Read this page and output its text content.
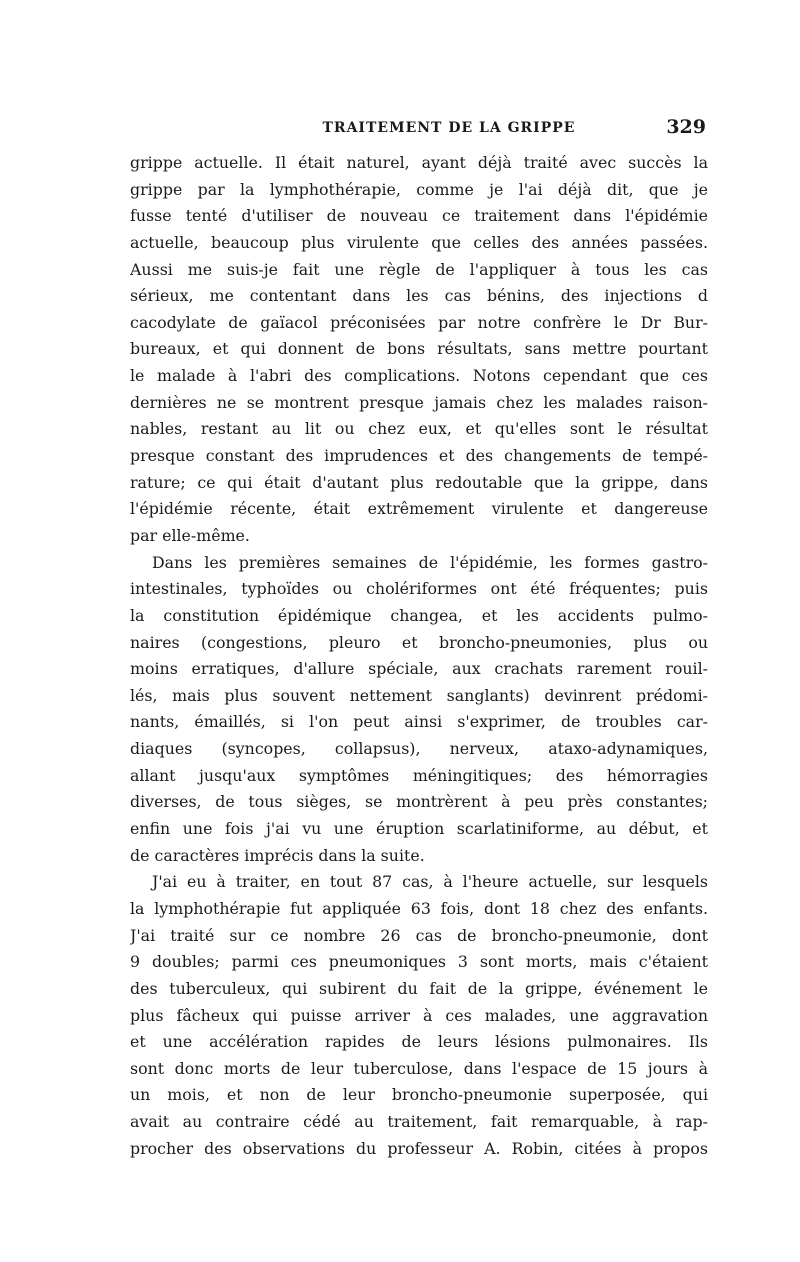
TRAITEMENT DE LA GRIPPE	329
grippe actuelle. Il était naturel, ayant déjà traité avec succès la
grippe par la lymphothérapie, comme je l'ai déjà dit, que je
fusse tenté d'utiliser de nouveau ce traitement dans l'épidémie
actuelle, beaucoup plus virulente que celles des années passées.
Aussi me suis-je fait une règle de l'appliquer à tous les cas
sérieux, me contentant dans les cas bénins, des injections d
cacodylate de gaïacol préconisées par notre confrère le Dr Bur-
bureaux, et qui donnent de bons résultats, sans mettre pourtant
le malade à l'abri des complications. Notons cependant que ces
dernières ne se montrent presque jamais chez les malades raison-
nables, restant au lit ou chez eux, et qu'elles sont le résultat
presque constant des imprudences et des changements de tempé-
rature; ce qui était d'autant plus redoutable que la grippe, dans
l'épidémie récente, était extrêmement virulente et dangereuse
par elle-même.
Dans les premières semaines de l'épidémie, les formes gastro-
intestinales, typhoïdes ou cholériformes ont été fréquentes; puis
la constitution épidémique changea, et les accidents pulmo-
naires (congestions, pleuro et broncho-pneumonies, plus ou
moins erratiques, d'allure spéciale, aux crachats rarement rouil-
lés, mais plus souvent nettement sanglants) devinrent prédomi-
nants, émaillés, si l'on peut ainsi s'exprimer, de troubles car-
diaques (syncopes, collapsus), nerveux, ataxo-adynamiques,
allant jusqu'aux symptômes méningitiques; des hémorragies
diverses, de tous sièges, se montrèrent à peu près constantes;
enfin une fois j'ai vu une éruption scarlatiniforme, au début, et
de caractères imprécis dans la suite.
J'ai eu à traiter, en tout 87 cas, à l'heure actuelle, sur lesquels
la lymphothérapie fut appliquée 63 fois, dont 18 chez des enfants.
J'ai traité sur ce nombre 26 cas de broncho-pneumonie, dont
9 doubles; parmi ces pneumoniques 3 sont morts, mais c'étaient
des tuberculeux, qui subirent du fait de la grippe, événement le
plus fâcheux qui puisse arriver à ces malades, une aggravation
et une accélération rapides de leurs lésions pulmonaires. Ils
sont donc morts de leur tuberculose, dans l'espace de 15 jours à
un mois, et non de leur broncho-pneumonie superposée, qui
avait au contraire cédé au traitement, fait remarquable, à rap-
procher des observations du professeur A. Robin, citées à propos
